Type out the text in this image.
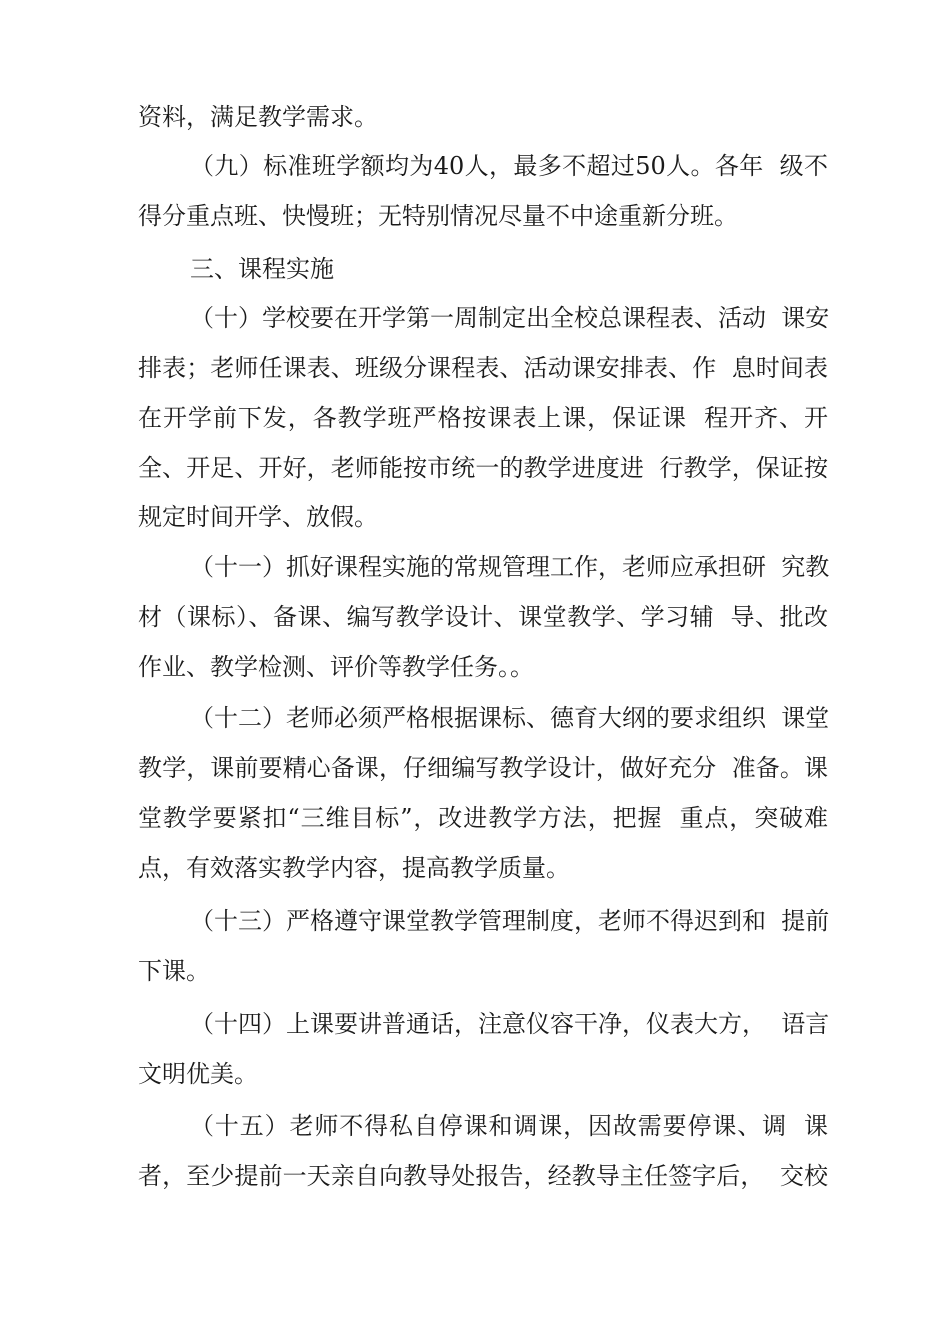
资料，满足教学需求。
（九）标准班学额均为40人，最多不超过50人。各年  级不
得分重点班、快慢班；无特别情况尽量不中途重新分班。
三、课程实施
（十）学校要在开学第一周制定出全校总课程表、活动  课安
排表；老师任课表、班级分课程表、活动课安排表、作  息时间表
在开学前下发，各教学班严格按课表上课，保证课  程开齐、开
全、开足、开好，老师能按市统一的教学进度进  行教学，保证按
规定时间开学、放假。
（十一）抓好课程实施的常规管理工作，老师应承担研  究教
材（课标）、备课、编写教学设计、课堂教学、学习辅  导、批改
作业、教学检测、评价等教学任务。。
（十二）老师必须严格根据课标、德育大纲的要求组织  课堂
教学，课前要精心备课，仔细编写教学设计，做好充分  准备。课
堂教学要紧扣“三维目标”，改进教学方法，把握  重点，突破难
点，有效落实教学内容，提高教学质量。
（十三）严格遵守课堂教学管理制度，老师不得迟到和  提前
下课。
（十四）上课要讲普通话，注意仪容干净，仪表大方，  语言
文明优美。
（十五）老师不得私自停课和调课，因故需要停课、调  课
者，至少提前一天亲自向教导处报告，经教导主任签字后，  交校
